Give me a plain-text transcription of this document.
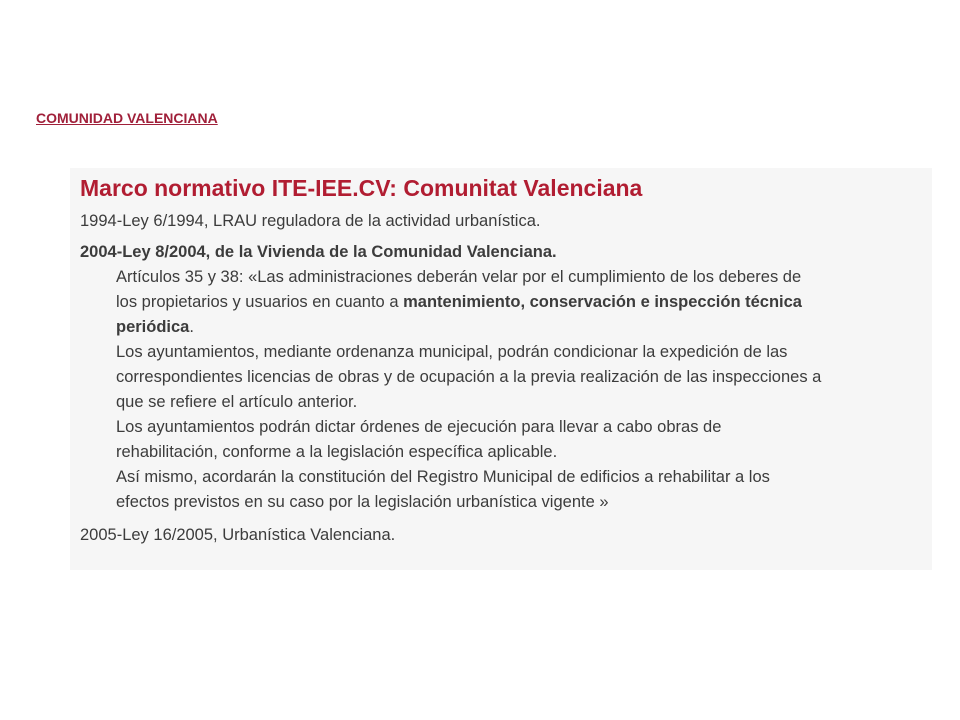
COMUNIDAD VALENCIANA
Marco normativo ITE-IEE.CV: Comunitat Valenciana
1994-Ley 6/1994, LRAU reguladora de la actividad urbanística.
2004-Ley 8/2004, de la Vivienda de la Comunidad Valenciana.
Artículos 35 y 38: «Las administraciones deberán velar por el cumplimiento de los deberes de
los propietarios y usuarios en cuanto a mantenimiento, conservación e inspección técnica
periódica.
Los ayuntamientos, mediante ordenanza municipal, podrán condicionar la expedición de las
correspondientes licencias de obras y de ocupación a la previa realización de las inspecciones a
que se refiere el artículo anterior.
Los ayuntamientos podrán dictar órdenes de ejecución para llevar a cabo obras de
rehabilitación, conforme a la legislación específica aplicable.
Así mismo, acordarán la constitución del Registro Municipal de edificios a rehabilitar a los
efectos previstos en su caso por la legislación urbanística vigente »
2005-Ley 16/2005, Urbanística Valenciana.
